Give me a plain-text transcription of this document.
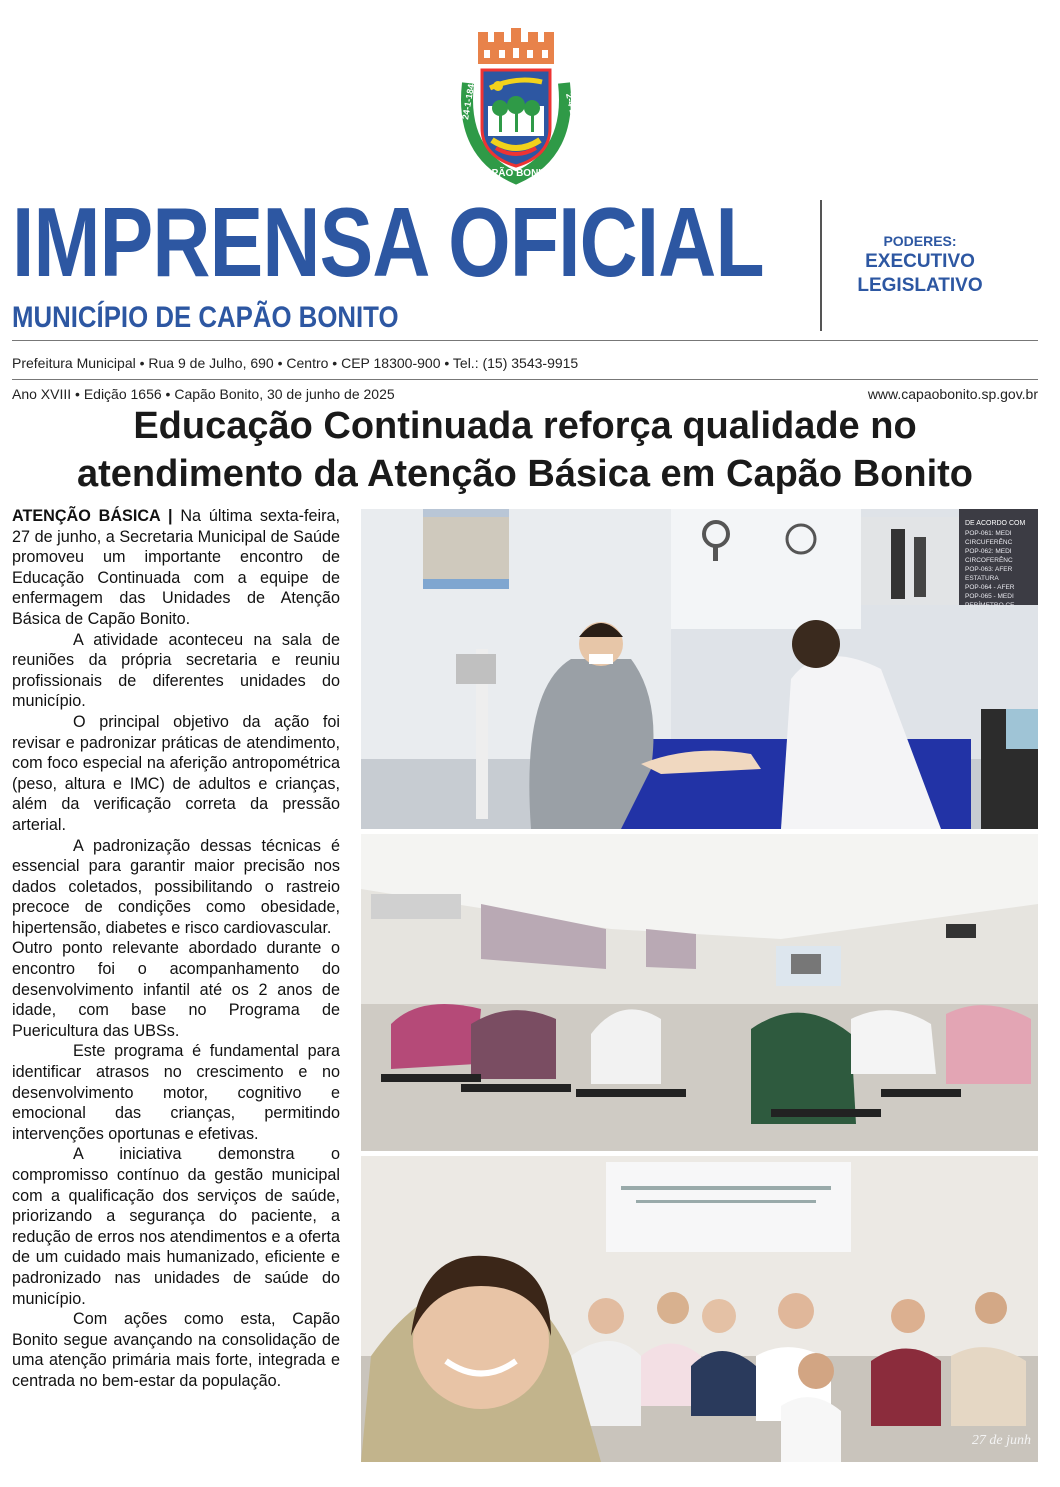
24-1-1843	2-4-1857
CAPÃO BONITO
IMPRENSA OFICIAL
MUNICÍPIO DE CAPÃO BONITO
PODERES:
EXECUTIVO
LEGISLATIVO
Prefeitura Municipal • Rua 9 de Julho, 690 • Centro • CEP 18300-900 • Tel.: (15) 3543-9915
Ano XVIII • Edição 1656 • Capão Bonito, 30 de junho de 2025	www.capaobonito.sp.gov.br
Educação Continuada reforça qualidade no
atendimento da Atenção Básica em Capão Bonito

ATENÇÃO BÁSICA | Na última sexta-feira, 27 de junho, a Secretaria Municipal de Saúde promoveu um importante encontro de Educação Continuada com a equipe de enfermagem das Unidades de Atenção Básica de Capão Bonito.

A atividade aconteceu na sala de reuniões da própria secretaria e reuniu profissionais de diferentes unidades do município.

O principal objetivo da ação foi revisar e padronizar práticas de atendimento, com foco especial na aferição antropométrica (peso, altura e IMC) de adultos e crianças, além da verificação correta da pressão arterial.

A padronização dessas técnicas é essencial para garantir maior precisão nos dados coletados, possibilitando o rastreio precoce de condições como obesidade, hipertensão, diabetes e risco cardiovascular.

Outro ponto relevante abordado durante o encontro foi o acompanhamento do desenvolvimento infantil até os 2 anos de idade, com base no Programa de Puericultura das UBSs.

Este programa é fundamental para identificar atrasos no crescimento e no desenvolvimento motor, cognitivo e emocional das crianças, permitindo intervenções oportunas e efetivas.

A iniciativa demonstra o compromisso contínuo da gestão municipal com a qualificação dos serviços de saúde, priorizando a segurança do paciente, a redução de erros nos atendimentos e a oferta de um cuidado mais humanizado, eficiente e padronizado nas unidades de saúde do município.

Com ações como esta, Capão Bonito segue avançando na consolidação de uma atenção primária mais forte, integrada e centrada no bem-estar da população.

DE ACORDO COM
POP-061: MEDI
CIRCUFERÊNC
POP-062: MEDI
CIRCOFERÊNC
POP-063: AFER
ESTATURA
POP-064 - AFER
POP-065 - MEDI
PERÍMETRO CE
27 de junh
